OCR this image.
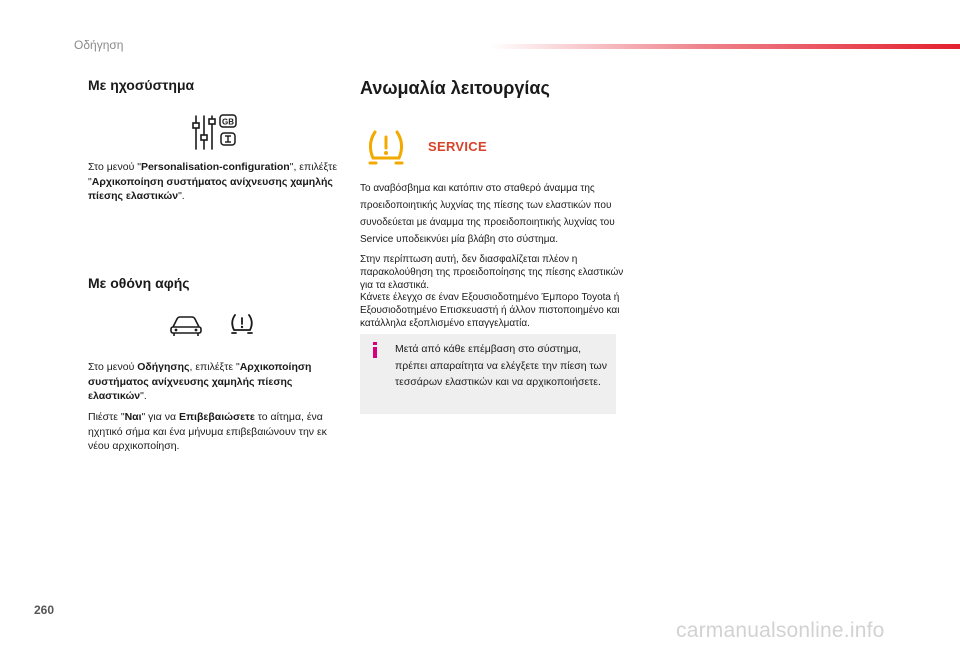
Οδήγηση
Με ηχοσύστημα
GB
Στο μενού "Personalisation-configuration", επιλέξτε "Αρχικοποίηση συστήματος ανίχνευσης χαμηλής πίεσης ελαστικών".
Με οθόνη αφής
Στο μενού Οδήγησης, επιλέξτε "Αρχικοποίηση συστήματος ανίχνευσης χαμηλής πίεσης ελαστικών".
Πιέστε "Ναι" για να Επιβεβαιώσετε το αίτημα, ένα ηχητικό σήμα και ένα μήνυμα επιβεβαιώνουν την εκ νέου αρχικοποίηση.
Ανωμαλία λειτουργίας
SERVICE
Το αναβόσβημα και κατόπιν στο σταθερό άναμμα της προειδοποιητικής λυχνίας της πίεσης των ελαστικών που συνοδεύεται με άναμμα της προειδοποιητικής λυχνίας του Service υποδεικνύει μία βλάβη στο σύστημα.
Στην περίπτωση αυτή, δεν διασφαλίζεται πλέον η παρακολούθηση της προειδοποίησης της πίεσης ελαστικών για τα ελαστικά.
Κάνετε έλεγχο σε έναν Εξουσιοδοτημένο Έμπορο Toyota ή Εξουσιοδοτημένο Επισκευαστή ή άλλον πιστοποιημένο και κατάλληλα εξοπλισμένο επαγγελματία.
Μετά από κάθε επέμβαση στο σύστημα, πρέπει απαραίτητα να ελέγξετε την πίεση των τεσσάρων ελαστικών και να αρχικοποιήσετε.
260
carmanualsonline.info
